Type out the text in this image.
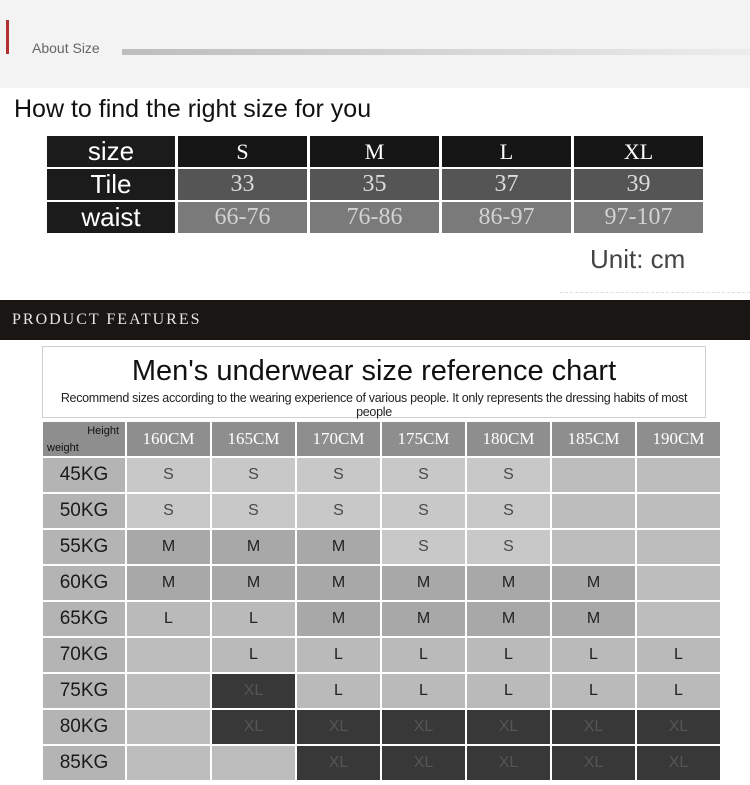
About Size
How to find the right size for you
size	S	M	L	XL
Tile	33	35	37	39
waist	66-76	76-86	86-97	97-107
Unit: cm
PRODUCT FEATURES
Men's underwear size reference chart
Recommend sizes according to the wearing experience of various people. It only represents the dressing habits of most people
Height
weight	160CM	165CM	170CM	175CM	180CM	185CM	190CM
45KG	S	S	S	S	S		
50KG	S	S	S	S	S		
55KG	M	M	M	S	S		
60KG	M	M	M	M	M	M	
65KG	L	L	M	M	M	M	
70KG		L	L	L	L	L	L
75KG		XL	L	L	L	L	L
80KG		XL	XL	XL	XL	XL	XL
85KG			XL	XL	XL	XL	XL
